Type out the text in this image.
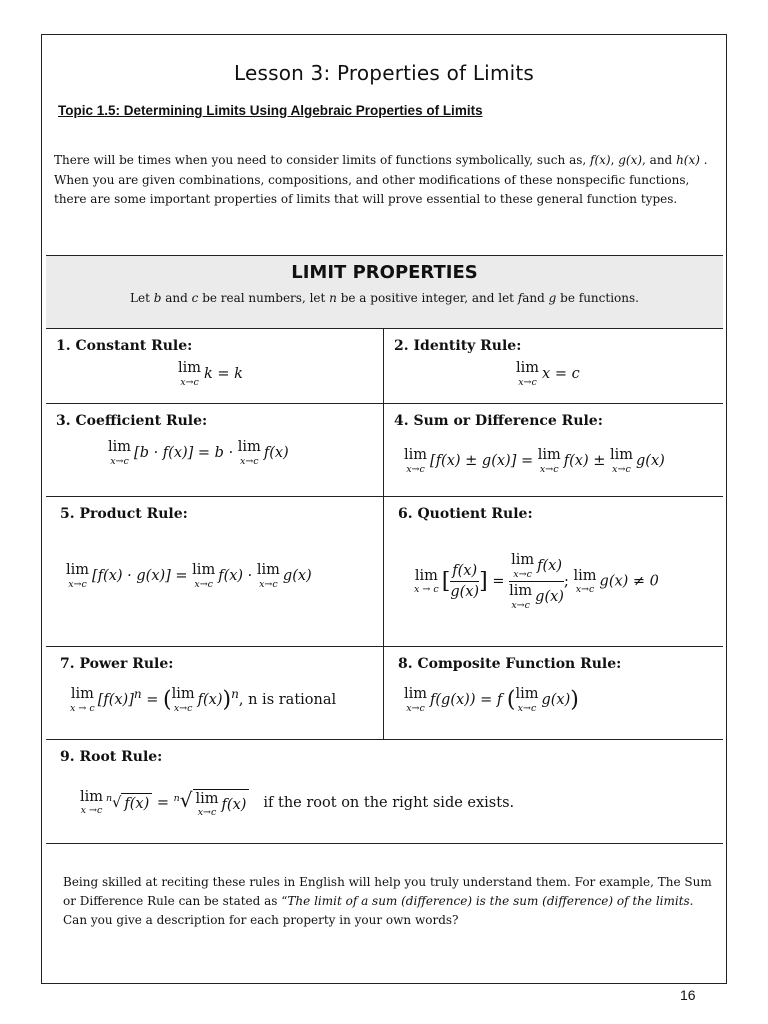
Lesson 3: Properties of Limits
Topic 1.5: Determining Limits Using Algebraic Properties of Limits
There will be times when you need to consider limits of functions symbolically, such as, f(x), g(x), and h(x) . When you are given combinations, compositions, and other modifications of these nonspecific functions, there are some important properties of limits that will prove essential to these general function types.
LIMIT PROPERTIES
Let b and c be real numbers, let n be a positive integer, and let fand g be functions.
1. Constant Rule:
lim
x→c k = k
2. Identity Rule:
lim
x→c x = c
3. Coefficient Rule:
lim
x→c [b · f(x)] = b · lim
x→c f(x)
4. Sum or Difference Rule:
lim
x→c [f(x) ± g(x)] = lim
x→c f(x) ± lim
x→c g(x)
5. Product Rule:
lim
x→c [f(x) · g(x)] = lim
x→c f(x) · lim
x→c g(x)
6. Quotient Rule:
lim
x → c [ $\frac{f(x)}{g(x)}$ ] = lim
x→c f(x)
lim
x→c g(x) ; lim
x→c g(x) ≠ 0
7. Power Rule:
lim
x → c $[f(x)]^n$ = ( lim
x→c f(x))$^n$, n is rational
8. Composite Function Rule:
lim
x→c f(g(x)) = f ( lim
x→c g(x))
9. Root Rule:
lim
x →c
$^n$√ f(x) = $^n$√ lim
x→c f(x) if the root on the right side exists.
Being skilled at reciting these rules in English will help you truly understand them. For example, The Sum or Difference Rule can be stated as “The limit of a sum (difference) is the sum (difference) of the limits. Can you give a description for each property in your own words?
16
